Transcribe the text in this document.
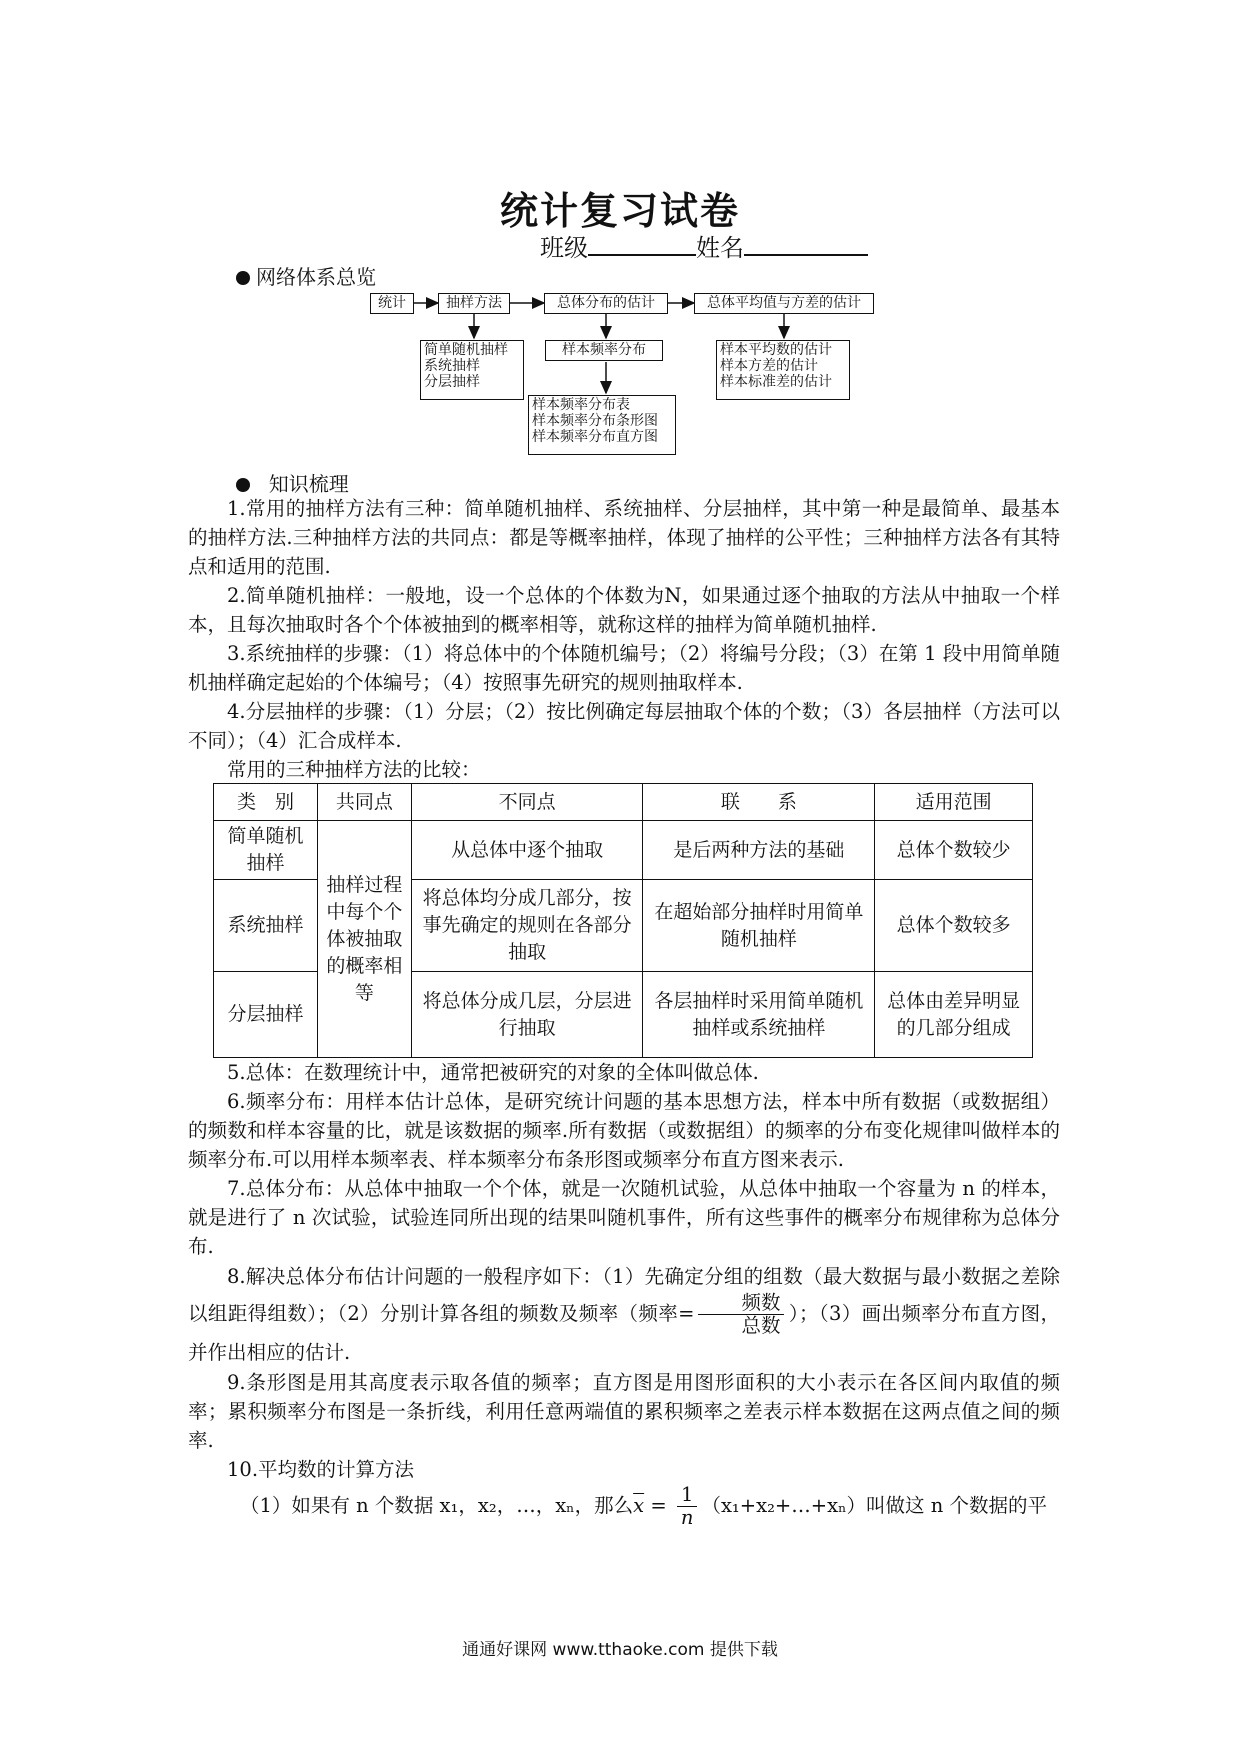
统计复习试卷
班级	姓名
网络体系总览
统计	抽样方法	总体分布的估计	总体平均值与方差的估计
简单随机抽样
系统抽样
分层抽样
样本频率分布
样本频率分布表
样本频率分布条形图
样本频率分布直方图
样本平均数的估计
样本方差的估计
样本标准差的估计
知识梳理

1.常用的抽样方法有三种：简单随机抽样、系统抽样、分层抽样，其中第一种是最简单、最基本的抽样方法.三种抽样方法的共同点：都是等概率抽样，体现了抽样的公平性；三种抽样方法各有其特点和适用的范围.

2.简单随机抽样：一般地，设一个总体的个体数为N，如果通过逐个抽取的方法从中抽取一个样本，且每次抽取时各个个体被抽到的概率相等，就称这样的抽样为简单随机抽样.

3.系统抽样的步骤：（1）将总体中的个体随机编号；（2）将编号分段；（3）在第 1 段中用简单随机抽样确定起始的个体编号；（4）按照事先研究的规则抽取样本.

4.分层抽样的步骤：（1）分层；（2）按比例确定每层抽取个体的个数；（3）各层抽样（方法可以不同）；（4）汇合成样本.

常用的三种抽样方法的比较：

类　别	共同点	不同点	联　　系	适用范围
简单随机抽样	抽样过程中每个个体被抽取的概率相等	从总体中逐个抽取	是后两种方法的基础	总体个数较少
系统抽样		将总体均分成几部分，按事先确定的规则在各部分抽取	在超始部分抽样时用简单随机抽样	总体个数较多
分层抽样		将总体分成几层，分层进行抽取	各层抽样时采用简单随机抽样或系统抽样	总体由差异明显的几部分组成

5.总体：在数理统计中，通常把被研究的对象的全体叫做总体.

6.频率分布：用样本估计总体，是研究统计问题的基本思想方法，样本中所有数据（或数据组）的频数和样本容量的比，就是该数据的频率.所有数据（或数据组）的频率的分布变化规律叫做样本的频率分布.可以用样本频率表、样本频率分布条形图或频率分布直方图来表示.

7.总体分布：从总体中抽取一个个体，就是一次随机试验，从总体中抽取一个容量为 n 的样本，就是进行了 n 次试验，试验连同所出现的结果叫随机事件，所有这些事件的概率分布规律称为总体分布.

8.解决总体分布估计问题的一般程序如下：（1）先确定分组的组数（最大数据与最小数据之差除以组距得组数）；（2）分别计算各组的频数及频率（频率= $\frac{\text{频数}}{\text{总数}}$ ）；（3）画出频率分布直方图，并作出相应的估计.

9.条形图是用其高度表示取各值的频率；直方图是用图形面积的大小表示在各区间内取值的频率；累积频率分布图是一条折线，利用任意两端值的累积频率之差表示样本数据在这两点值之间的频率.

10.平均数的计算方法

（1）如果有 n 个数据 x₁，x₂，…，xₙ，那么$\overline{x} = \frac{1}{n}$ （x₁+x₂+…+xₙ）叫做这 n 个数据的平

通通好课网 www.tthaoke.com 提供下载
